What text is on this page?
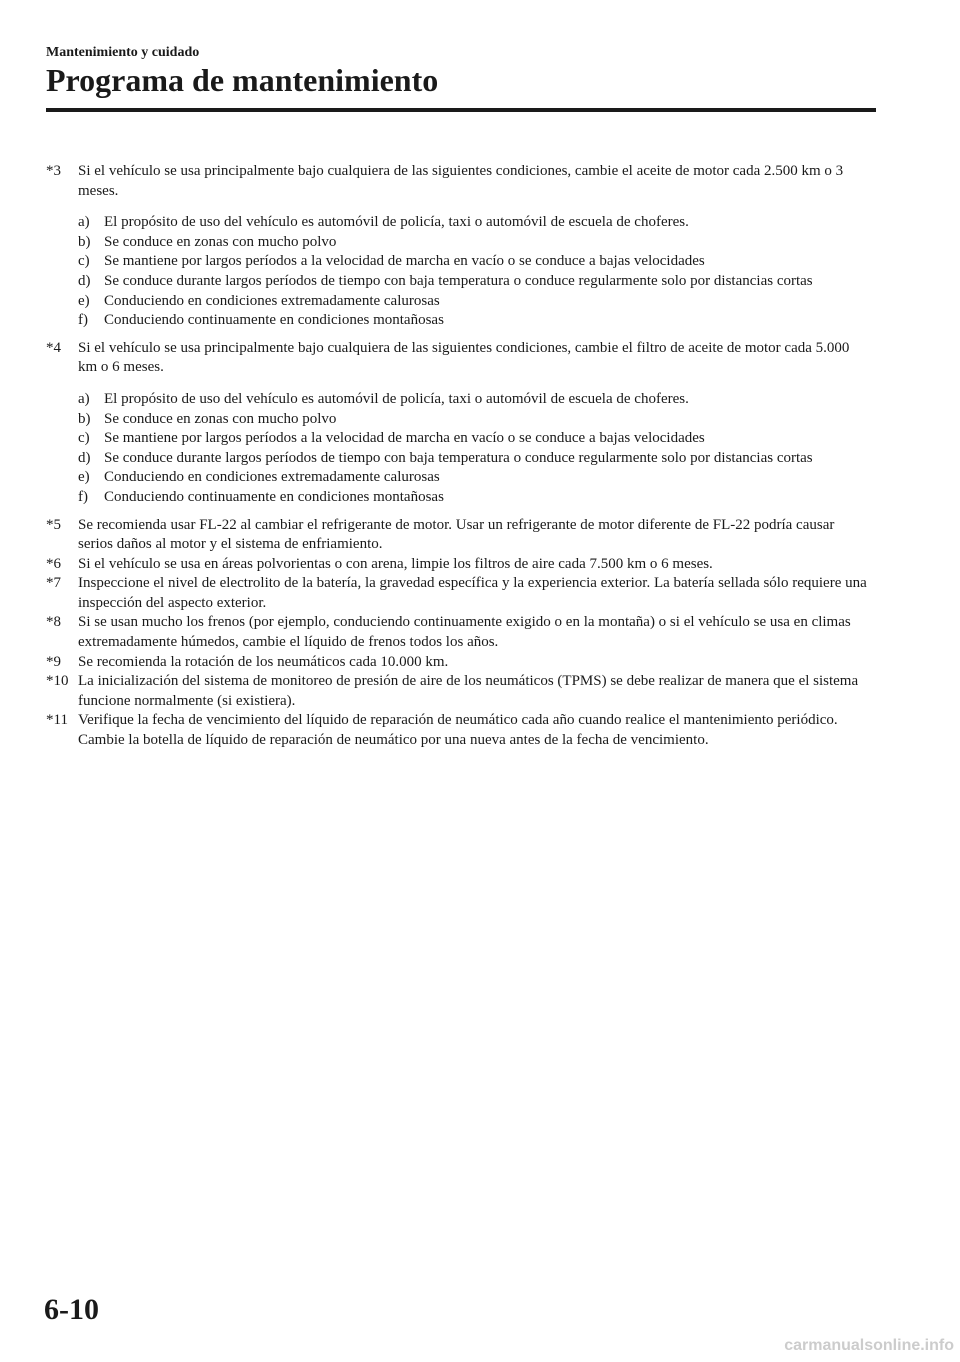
Mantenimiento y cuidado
Programa de mantenimiento
*3	Si el vehículo se usa principalmente bajo cualquiera de las siguientes condiciones, cambie el aceite de motor cada 2.500 km o 3 meses.
a) El propósito de uso del vehículo es automóvil de policía, taxi o automóvil de escuela de choferes.
b) Se conduce en zonas con mucho polvo
c) Se mantiene por largos períodos a la velocidad de marcha en vacío o se conduce a bajas velocidades
d) Se conduce durante largos períodos de tiempo con baja temperatura o conduce regularmente solo por distancias cortas
e) Conduciendo en condiciones extremadamente calurosas
f)	Conduciendo continuamente en condiciones montañosas
*4	Si el vehículo se usa principalmente bajo cualquiera de las siguientes condiciones, cambie el filtro de aceite de motor cada 5.000 km o 6 meses.
a) El propósito de uso del vehículo es automóvil de policía, taxi o automóvil de escuela de choferes.
b) Se conduce en zonas con mucho polvo
c) Se mantiene por largos períodos a la velocidad de marcha en vacío o se conduce a bajas velocidades
d) Se conduce durante largos períodos de tiempo con baja temperatura o conduce regularmente solo por distancias cortas
e) Conduciendo en condiciones extremadamente calurosas
f)	Conduciendo continuamente en condiciones montañosas
*5	Se recomienda usar FL-22 al cambiar el refrigerante de motor. Usar un refrigerante de motor diferente de FL-22 podría causar serios daños al motor y el sistema de enfriamiento.
*6	Si el vehículo se usa en áreas polvorientas o con arena, limpie los filtros de aire cada 7.500 km o 6 meses.
*7	Inspeccione el nivel de electrolito de la batería, la gravedad específica y la experiencia exterior. La batería sellada sólo requiere una inspección del aspecto exterior.
*8	Si se usan mucho los frenos (por ejemplo, conduciendo continuamente exigido o en la montaña) o si el vehículo se usa en climas extremadamente húmedos, cambie el líquido de frenos todos los años.
*9	Se recomienda la rotación de los neumáticos cada 10.000 km.
*10 La inicialización del sistema de monitoreo de presión de aire de los neumáticos (TPMS) se debe realizar de manera que el sistema funcione normalmente (si existiera).
*11 Verifique la fecha de vencimiento del líquido de reparación de neumático cada año cuando realice el mantenimiento periódico. Cambie la botella de líquido de reparación de neumático por una nueva antes de la fecha de vencimiento.
6-10
carmanualsonline.info
